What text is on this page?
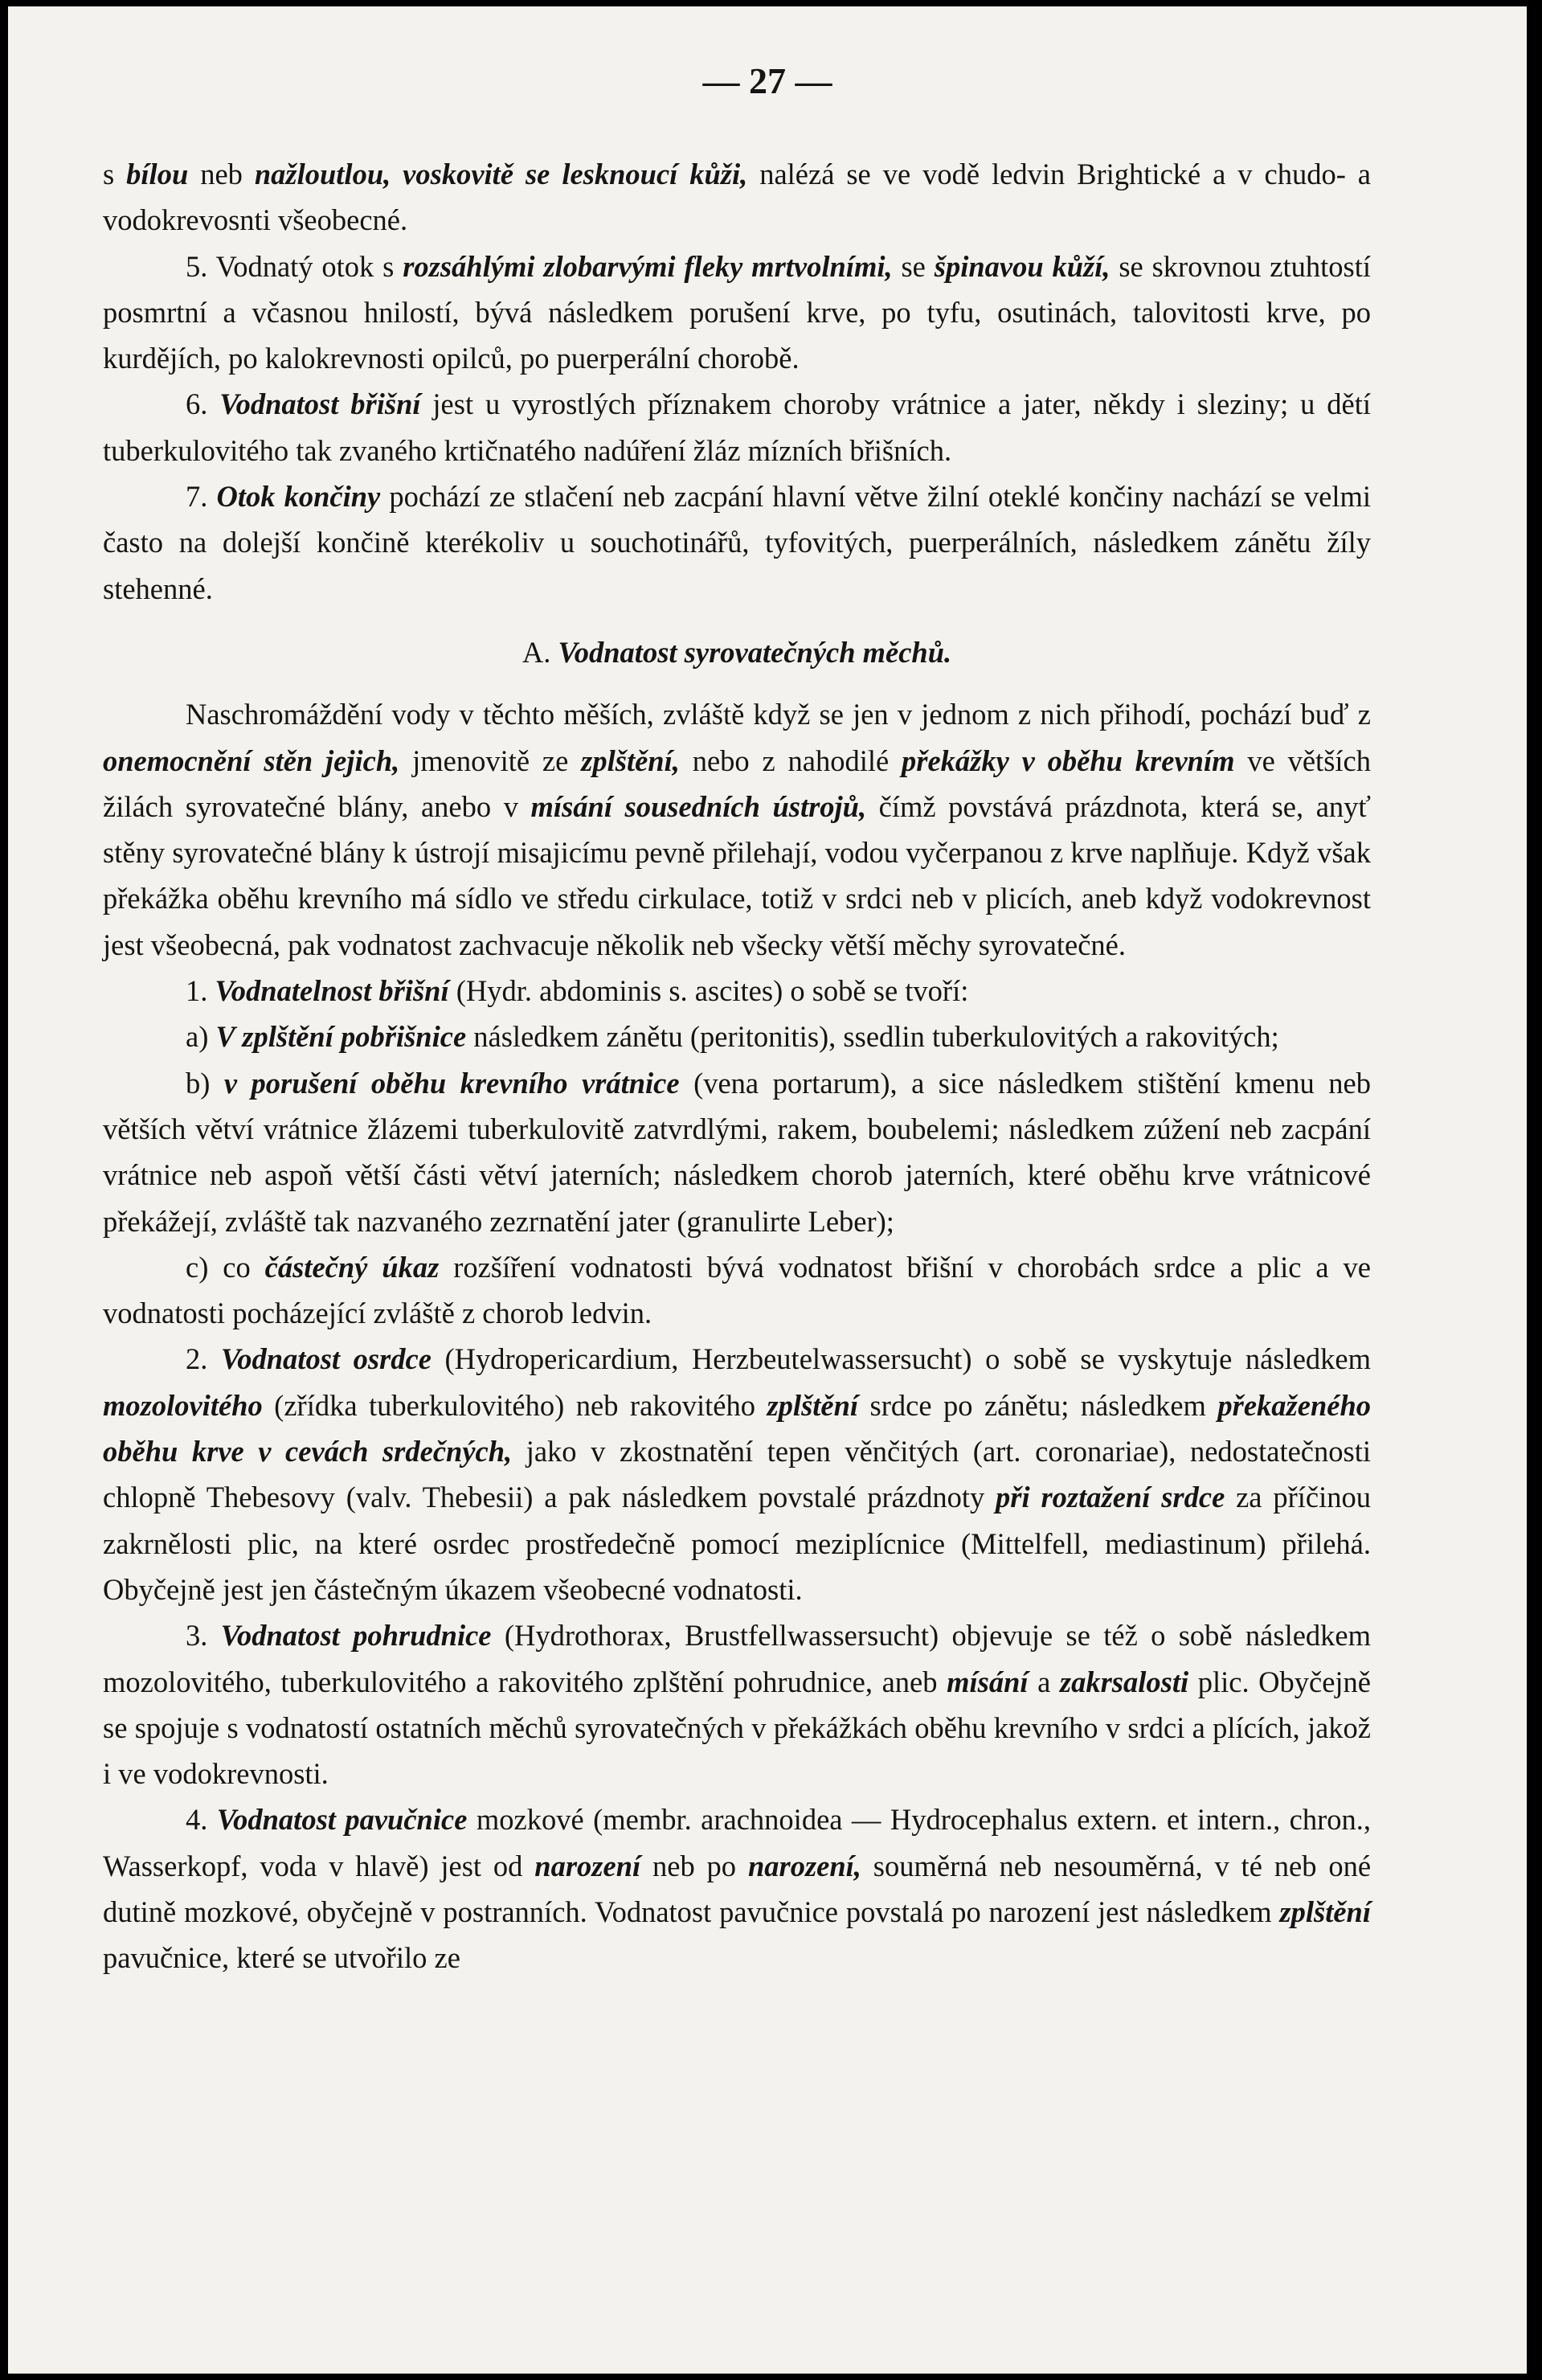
— 27 —

s bílou neb nažloutlou, voskovitě se lesknoucí kůži, nalézá se ve vodě ledvin Brightické a v chudo- a vodokrevosnti všeobecné.

5. Vodnatý otok s rozsáhlými zlobarvými fleky mrtvolními, se špinavou kůží, se skrovnou ztuhtostí posmrtní a včasnou hnilostí, bývá následkem porušení krve, po tyfu, osutinách, talovitosti krve, po kurdějích, po kalokrevnosti opilců, po puerperální chorobě.

6. Vodnatost břišní jest u vyrostlých příznakem choroby vrátnice a jater, někdy i sleziny; u dětí tuberkulovitého tak zvaného krtičnatého nadúření žláz mízních břišních.

7. Otok končiny pochází ze stlačení neb zacpání hlavní větve žilní oteklé končiny nachází se velmi často na dolejší končině kterékoliv u souchotinářů, tyfovitých, puerperálních, následkem zánětu žíly stehenné.

A. Vodnatost syrovatečných měchů.

Naschromáždění vody v těchto měších, zvláště když se jen v jednom z nich přihodí, pochází buď z onemocnění stěn jejich, jmenovitě ze zplštění, nebo z nahodilé překážky v oběhu krevním ve větších žilách syrovatečné blány, anebo v mísání sousedních ústrojů, čímž povstává prázdnota, která se, anyť stěny syrovatečné blány k ústrojí misajicímu pevně přilehají, vodou vyčerpanou z krve naplňuje. Když však překážka oběhu krevního má sídlo ve středu cirkulace, totiž v srdci neb v plicích, aneb když vodokrevnost jest všeobecná, pak vodnatost zachvacuje několik neb všecky větší měchy syrovatečné.

1. Vodnatelnost břišní (Hydr. abdominis s. ascites) o sobě se tvoří:

a) V zplštění pobřišnice následkem zánětu (peritonitis), ssedlin tuberkulovitých a rakovitých;

b) v porušení oběhu krevního vrátnice (vena portarum), a sice následkem stištění kmenu neb větších větví vrátnice žlázemi tuberkulovitě zatvrdlými, rakem, boubelemi; následkem zúžení neb zacpání vrátnice neb aspoň větší části větví jaterních; následkem chorob jaterních, které oběhu krve vrátnicové překážejí, zvláště tak nazvaného zezrnatění jater (granulirte Leber);

c) co částečný úkaz rozšíření vodnatosti bývá vodnatost břišní v chorobách srdce a plic a ve vodnatosti pocházející zvláště z chorob ledvin.

2. Vodnatost osrdce (Hydropericardium, Herzbeutelwassersucht) o sobě se vyskytuje následkem mozolovitého (zřídka tuberkulovitého) neb rakovitého zplštění srdce po zánětu; následkem překaženého oběhu krve v cevách srdečných, jako v zkostnatění tepen věnčitých (art. coronariae), nedostatečnosti chlopně Thebesovy (valv. Thebesii) a pak následkem povstalé prázdnoty při roztažení srdce za příčinou zakrnělosti plic, na které osrdec prostředečně pomocí meziplícnice (Mittelfell, mediastinum) přilehá. Obyčejně jest jen částečným úkazem všeobecné vodnatosti.

3. Vodnatost pohrudnice (Hydrothorax, Brustfellwassersucht) objevuje se též o sobě následkem mozolovitého, tuberkulovitého a rakovitého zplštění pohrudnice, aneb mísání a zakrsalosti plic. Obyčejně se spojuje s vodnatostí ostatních měchů syrovatečných v překážkách oběhu krevního v srdci a plících, jakož i ve vodokrevnosti.

4. Vodnatost pavučnice mozkové (membr. arachnoidea — Hydrocephalus extern. et intern., chron., Wasserkopf, voda v hlavě) jest od narození neb po narození, souměrná neb nesouměrná, v té neb oné dutině mozkové, obyčejně v postranních. Vodnatost pavučnice povstalá po narození jest následkem zplštění pavučnice, které se utvořilo ze
